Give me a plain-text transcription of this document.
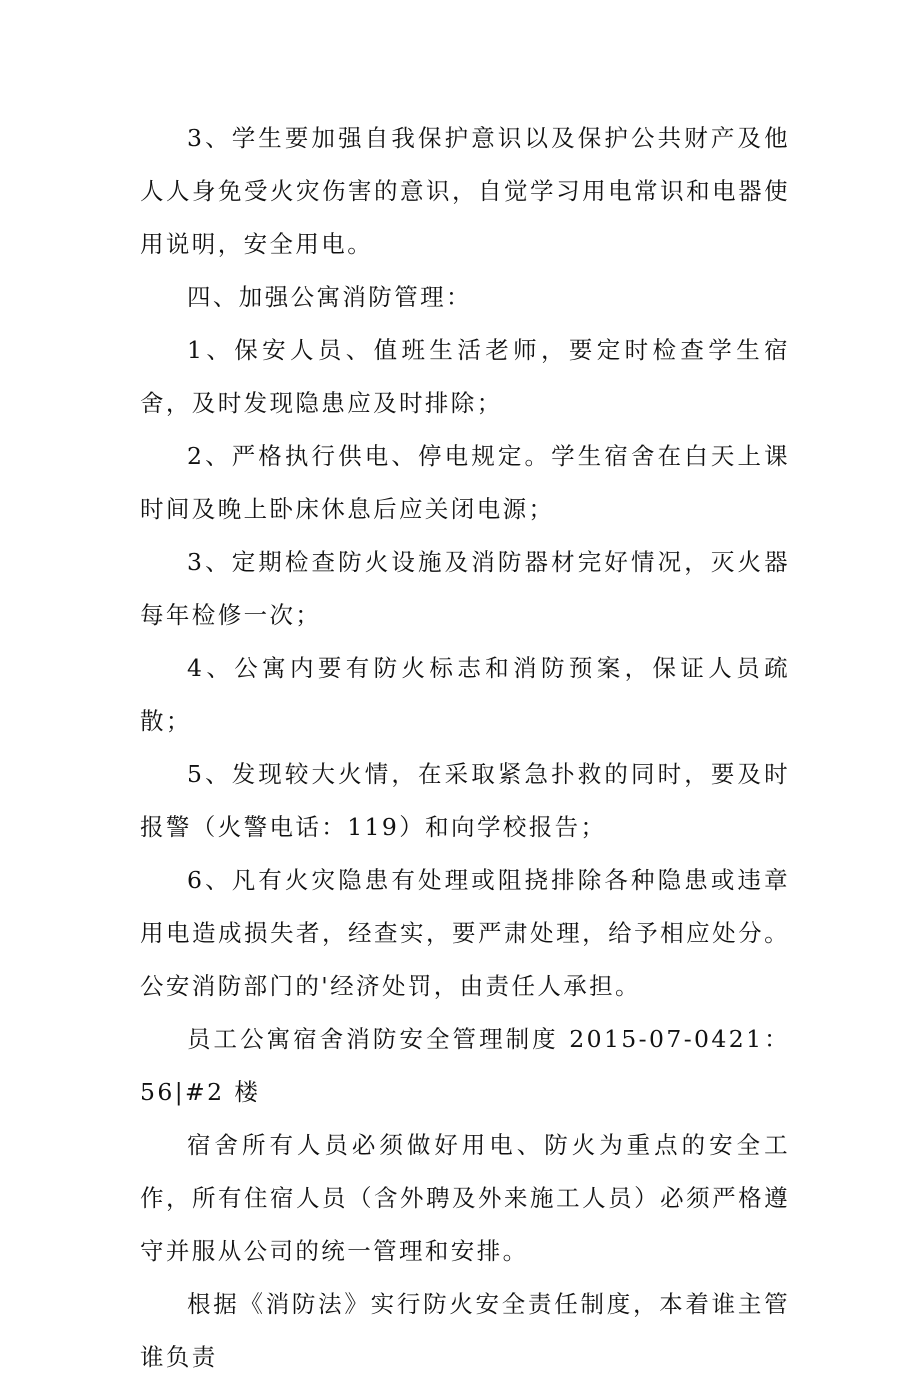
3、学生要加强自我保护意识以及保护公共财产及他人人身免受火灾伤害的意识，自觉学习用电常识和电器使用说明，安全用电。

四、加强公寓消防管理：

1、保安人员、值班生活老师，要定时检查学生宿舍，及时发现隐患应及时排除；

2、严格执行供电、停电规定。学生宿舍在白天上课时间及晚上卧床休息后应关闭电源；

3、定期检查防火设施及消防器材完好情况，灭火器每年检修一次；

4、公寓内要有防火标志和消防预案，保证人员疏散；

5、发现较大火情，在采取紧急扑救的同时，要及时报警（火警电话：119）和向学校报告；

6、凡有火灾隐患有处理或阻挠排除各种隐患或违章用电造成损失者，经查实，要严肃处理，给予相应处分。公安消防部门的'经济处罚，由责任人承担。

员工公寓宿舍消防安全管理制度 2015-07-0421：56|#2 楼

宿舍所有人员必须做好用电、防火为重点的安全工作，所有住宿人员（含外聘及外来施工人员）必须严格遵守并服从公司的统一管理和安排。

根据《消防法》实行防火安全责任制度，本着谁主管谁负责
